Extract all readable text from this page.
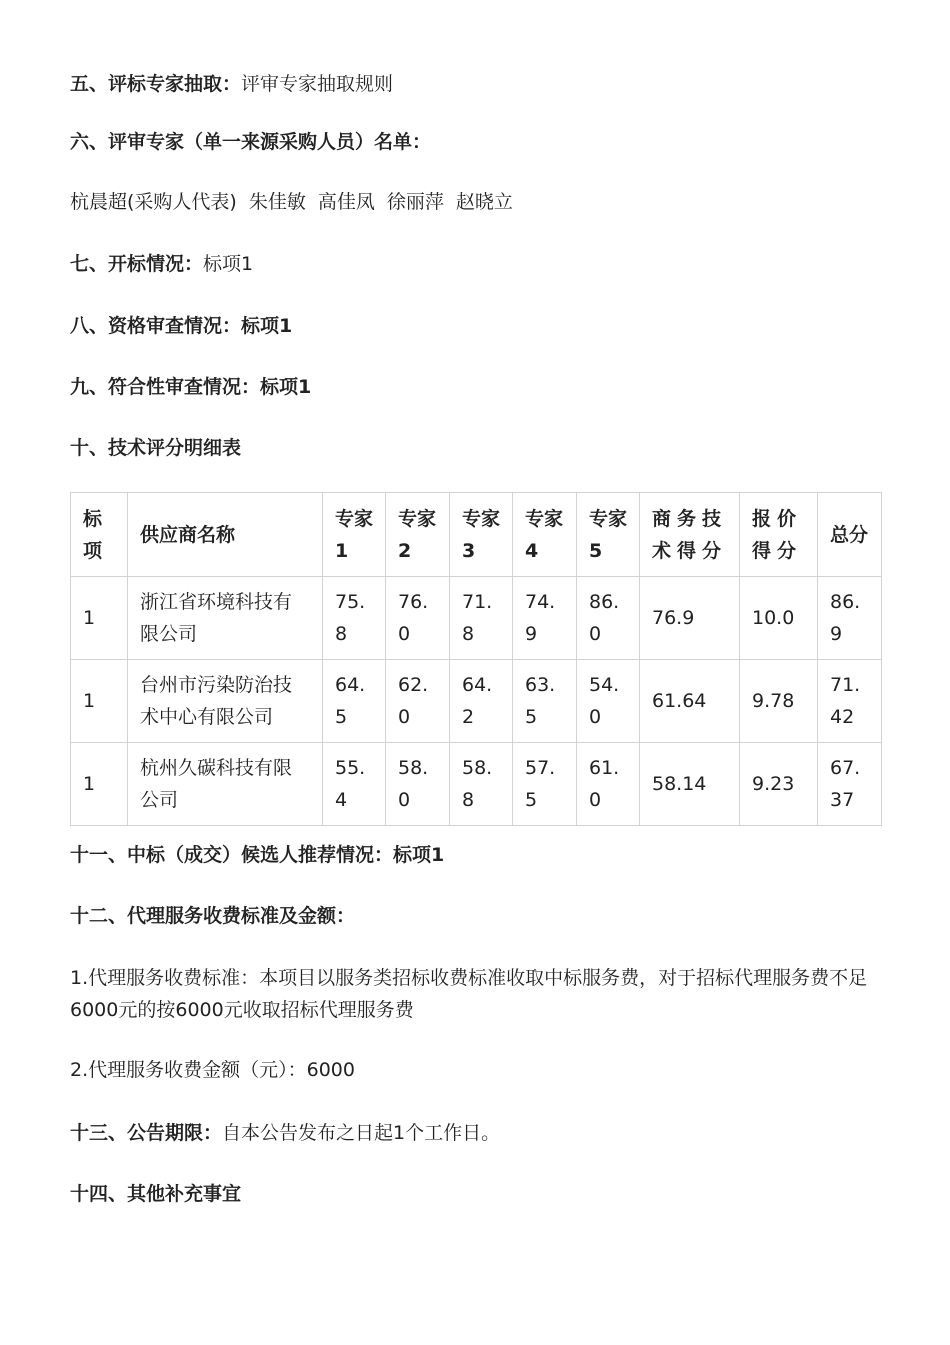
五、评标专家抽取：评审专家抽取规则
六、评审专家（单一来源采购人员）名单：
杭晨超(采购人代表) 朱佳敏 高佳凤 徐丽萍 赵晓立
七、开标情况：标项1
八、资格审查情况：标项1
九、符合性审查情况：标项1
十、技术评分明细表
标项	供应商名称	专家1	专家2	专家3	专家4	专家5	商务技术得分	报价得分	总分
1	浙江省环境科技有限公司	75.8	76.0	71.8	74.9	86.0	76.9	10.0	86.9
1	台州市污染防治技术中心有限公司	64.5	62.0	64.2	63.5	54.0	61.64	9.78	71.42
1	杭州久碳科技有限公司	55.4	58.0	58.8	57.5	61.0	58.14	9.23	67.37
十一、中标（成交）候选人推荐情况：标项1
十二、代理服务收费标准及金额：
1.代理服务收费标准：本项目以服务类招标收费标准收取中标服务费，对于招标代理服务费不足6000元的按6000元收取招标代理服务费
2.代理服务收费金额（元）：6000
十三、公告期限：自本公告发布之日起1个工作日。
十四、其他补充事宜
